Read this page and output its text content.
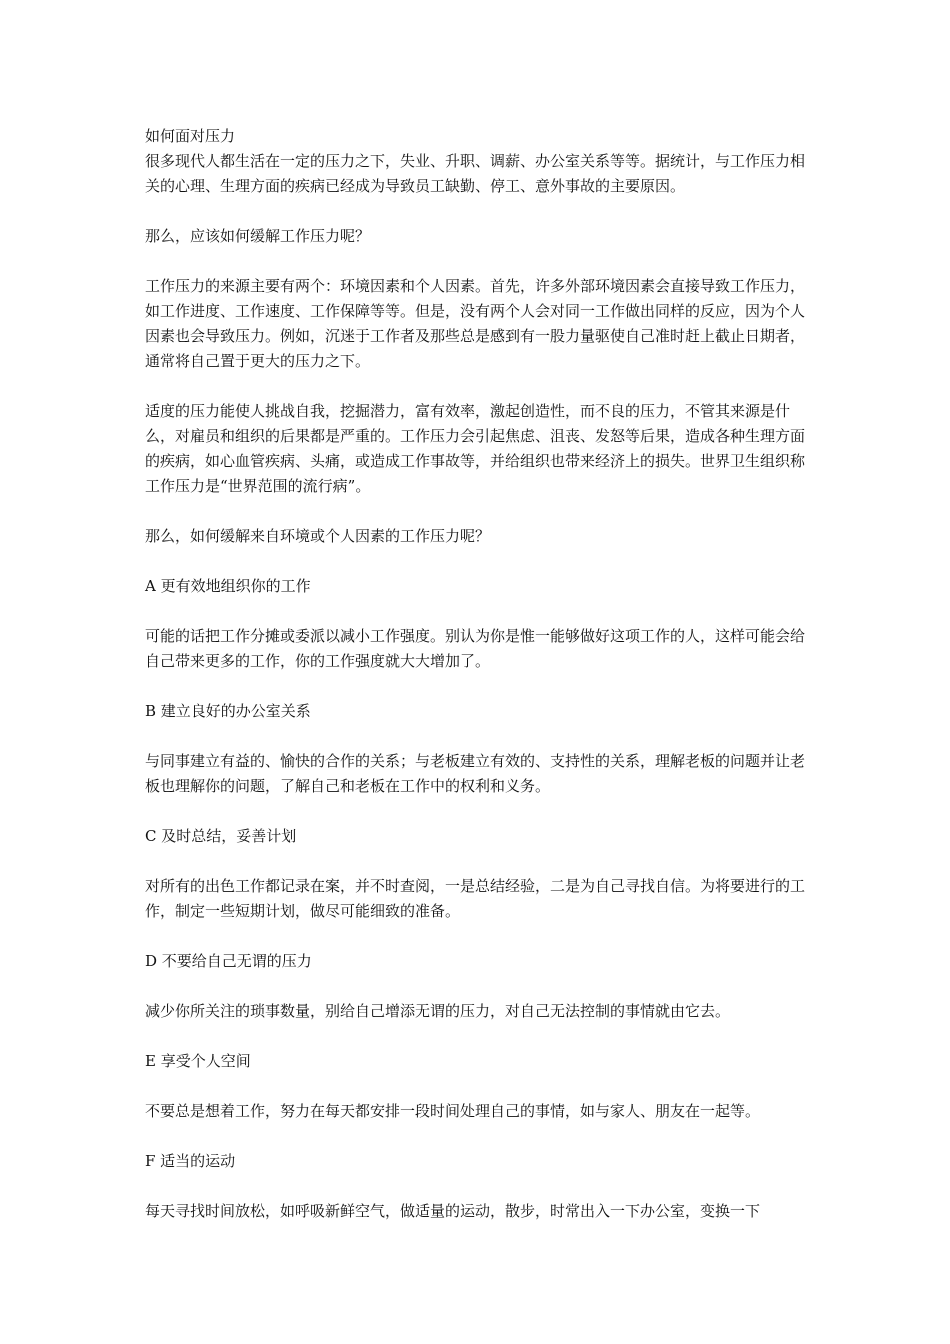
如何面对压力

很多现代人都生活在一定的压力之下，失业、升职、调薪、办公室关系等等。据统计，与工作压力相关的心理、生理方面的疾病已经成为导致员工缺勤、停工、意外事故的主要原因。

那么，应该如何缓解工作压力呢？

工作压力的来源主要有两个：环境因素和个人因素。首先，许多外部环境因素会直接导致工作压力，如工作进度、工作速度、工作保障等等。但是，没有两个人会对同一工作做出同样的反应，因为个人因素也会导致压力。例如，沉迷于工作者及那些总是感到有一股力量驱使自己准时赶上截止日期者，通常将自己置于更大的压力之下。

适度的压力能使人挑战自我，挖掘潜力，富有效率，激起创造性，而不良的压力，不管其来源是什么，对雇员和组织的后果都是严重的。工作压力会引起焦虑、沮丧、发怒等后果，造成各种生理方面的疾病，如心血管疾病、头痛，或造成工作事故等，并给组织也带来经济上的损失。世界卫生组织称工作压力是“世界范围的流行病”。

那么，如何缓解来自环境或个人因素的工作压力呢？

A 更有效地组织你的工作

可能的话把工作分摊或委派以减小工作强度。别认为你是惟一能够做好这项工作的人，这样可能会给自己带来更多的工作，你的工作强度就大大增加了。

B 建立良好的办公室关系

与同事建立有益的、愉快的合作的关系；与老板建立有效的、支持性的关系，理解老板的问题并让老板也理解你的问题，了解自己和老板在工作中的权利和义务。

C 及时总结，妥善计划

对所有的出色工作都记录在案，并不时查阅，一是总结经验，二是为自己寻找自信。为将要进行的工作，制定一些短期计划，做尽可能细致的准备。

D 不要给自己无谓的压力

减少你所关注的琐事数量，别给自己增添无谓的压力，对自己无法控制的事情就由它去。

E 享受个人空间

不要总是想着工作，努力在每天都安排一段时间处理自己的事情，如与家人、朋友在一起等。

F 适当的运动

每天寻找时间放松，如呼吸新鲜空气，做适量的运动，散步，时常出入一下办公室，变换一下
